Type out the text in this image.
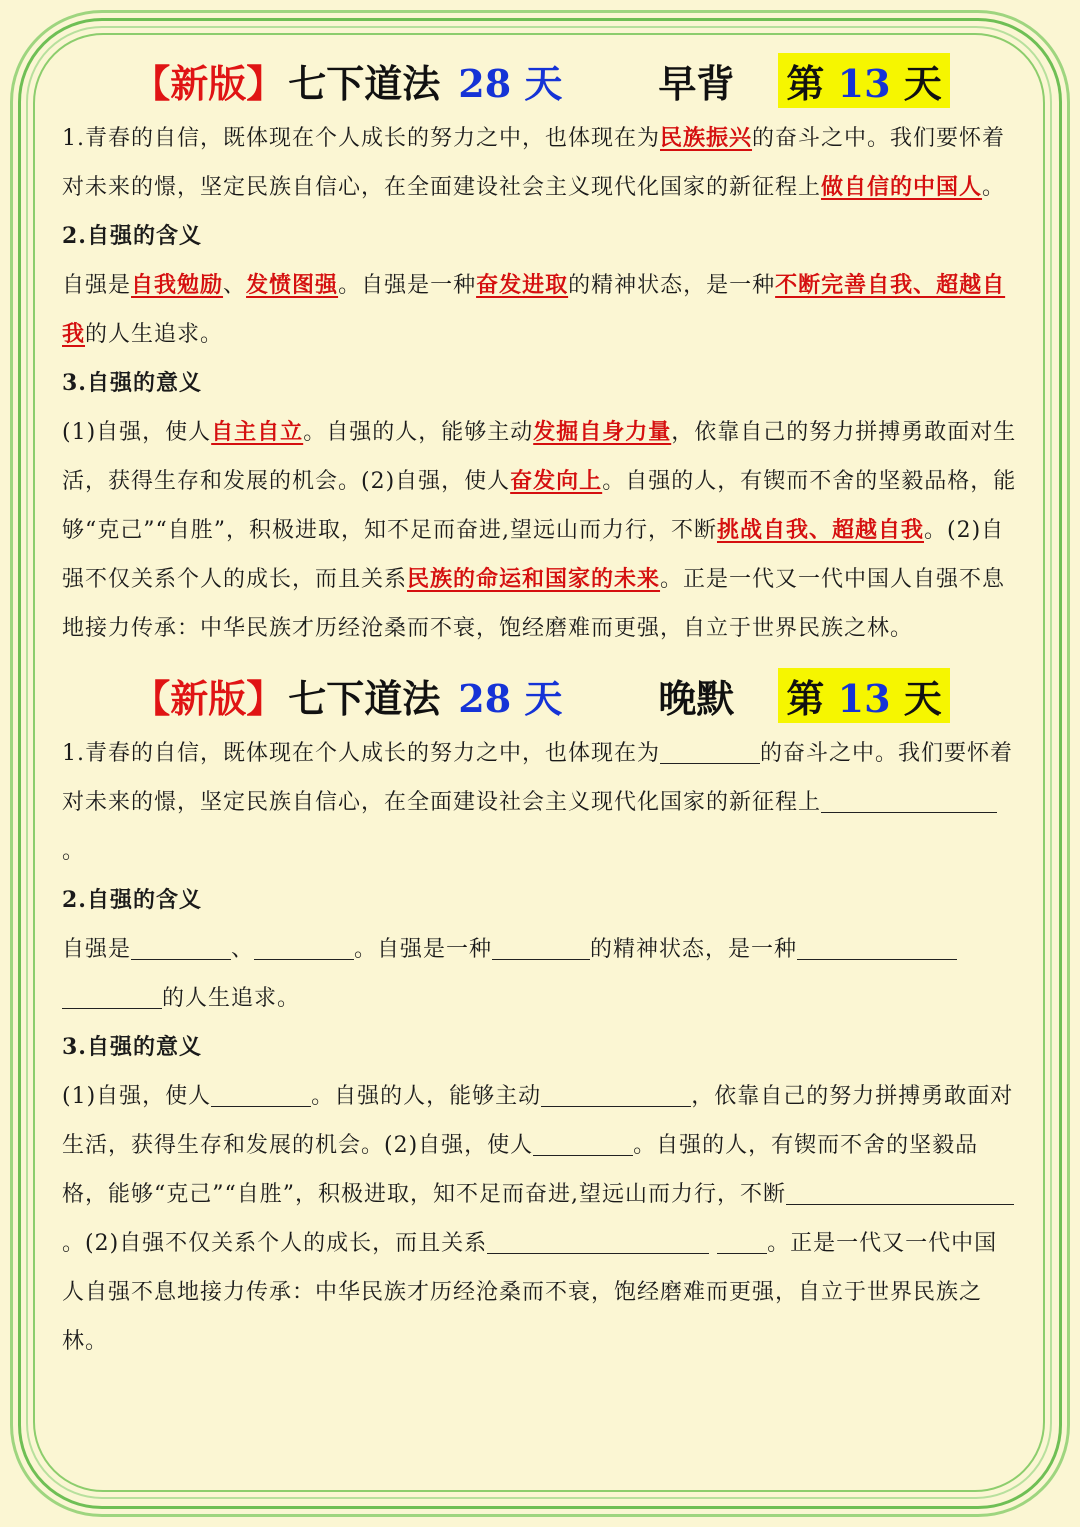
【新版】 七下道法 28 天	早背 第 13 天

1.青春的自信，既体现在个人成长的努力之中，也体现在为民族振兴的奋斗之中。我们要怀着对未来的憬，坚定民族自信心，在全面建设社会主义现代化国家的新征程上做自信的中国人。

2.自强的含义

自强是自我勉励、发愤图强。自强是一种奋发进取的精神状态，是一种不断完善自我、超越自我的人生追求。

3.自强的意义

(1)自强，使人自主自立。自强的人，能够主动发掘自身力量，依靠自己的努力拼搏勇敢面对生活，获得生存和发展的机会。(2)自强，使人奋发向上。自强的人，有锲而不舍的坚毅品格，能够“克己”“自胜”，积极进取，知不足而奋进,望远山而力行，不断挑战自我、超越自我。(2)自强不仅关系个人的成长，而且关系民族的命运和国家的未来。正是一代又一代中国人自强不息地接力传承：中华民族才历经沧桑而不衰，饱经磨难而更强，自立于世界民族之林。

【新版】 七下道法 28 天	晚默 第 13 天

1.青春的自信，既体现在个人成长的努力之中，也体现在为	的奋斗之中。我们要怀着对未来的憬，坚定民族自信心，在全面建设社会主义现代化国家的新征程上。

2.自强的含义

自强是	、	。自强是一种	的精神状态，是一种 的人生追求。

3.自强的意义

(1)自强，使人	。自强的人，能够主动	，依靠自己的努力拼搏勇敢面对生活，获得生存和发展的机会。(2)自强，使人	。自强的人，有锲而不舍的坚毅品格，能够“克己”“自胜”，积极进取，知不足而奋进,望远山而力行，不断。(2)自强不仅关系个人的成长，而且关系	。正是一代又一代中国人自强不息地接力传承：中华民族才历经沧桑而不衰，饱经磨难而更强，自立于世界民族之林。
